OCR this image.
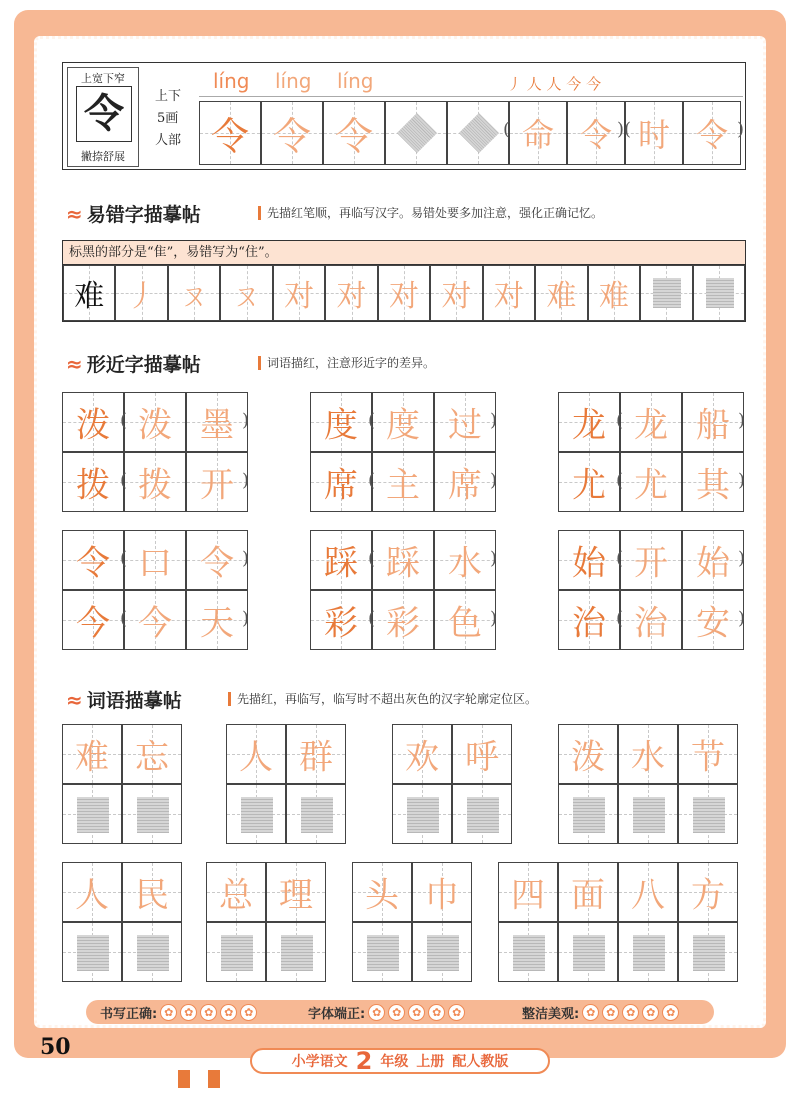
上宽下窄
令
撇捺舒展
上下
5画
人部
líng líng líng	丿 人 人 今 今
令 令 令	命 令 时 令
(	)(	)
≈ 易错字描摹帖	先描红笔顺，再临写汉字。易错处要多加注意，强化正确记忆。
标黑的部分是“隹”，易错写为“住”。
难 丿 ㄡ ㄡ 对 对 对 对 对 难 难
≈ 形近字描摹帖	词语描红，注意形近字的差异。
泼 泼 墨
(	)
拨 拨 开
(	)
度 度 过
(	)
席 主 席
(	)
龙 龙 船
(	)
尤 尤 其
(	)
令 口 令
(	)
今 今 天
(	)
踩 踩 水
(	)
彩 彩 色
(	)
始 开 始
(	)
治 治 安
(	)
≈ 词语描摹帖	先描红，再临写，临写时不超出灰色的汉字轮廓定位区。
难 忘	人 群	欢 呼	泼 水 节
人 民	总 理	头 巾	四 面 八 方
书写正确: ✿ ✿ ✿ ✿ ✿	字体端正: ✿ ✿ ✿ ✿ ✿	整洁美观: ✿ ✿ ✿ ✿ ✿
50
小学语文 2 年级 上册 配人教版
